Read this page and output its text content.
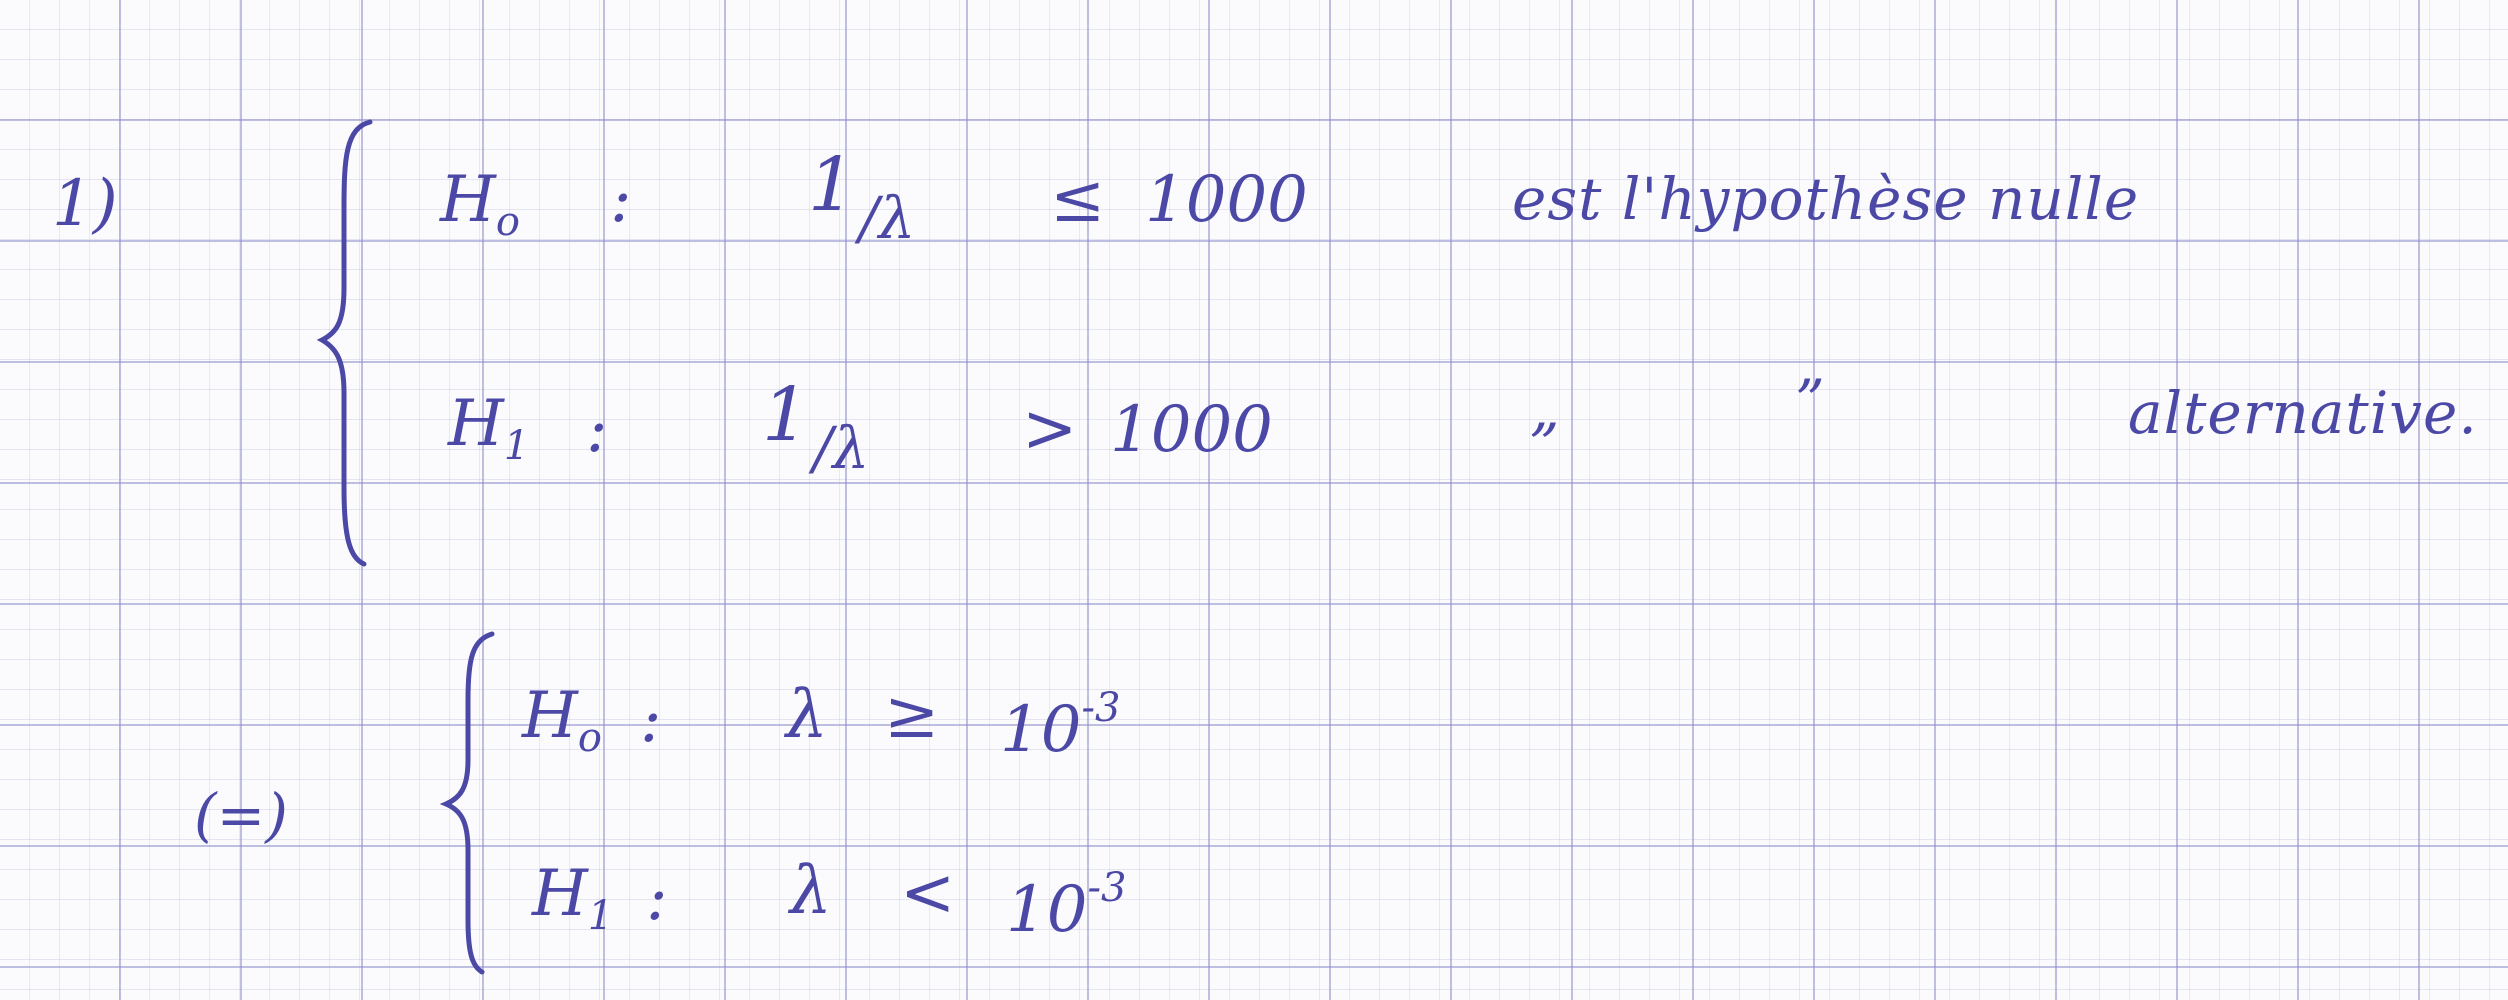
1)	$H_o$ : $1_{/\lambda} \le 1000$	est l'hypothèse nulle
$H_1$ : $1_{/\lambda} > 1000$	„	”	alternative.
(=)
$H_o$ : $\lambda \ge 10^{-3}$
$H_1$ : $\lambda < 10^{-3}$
